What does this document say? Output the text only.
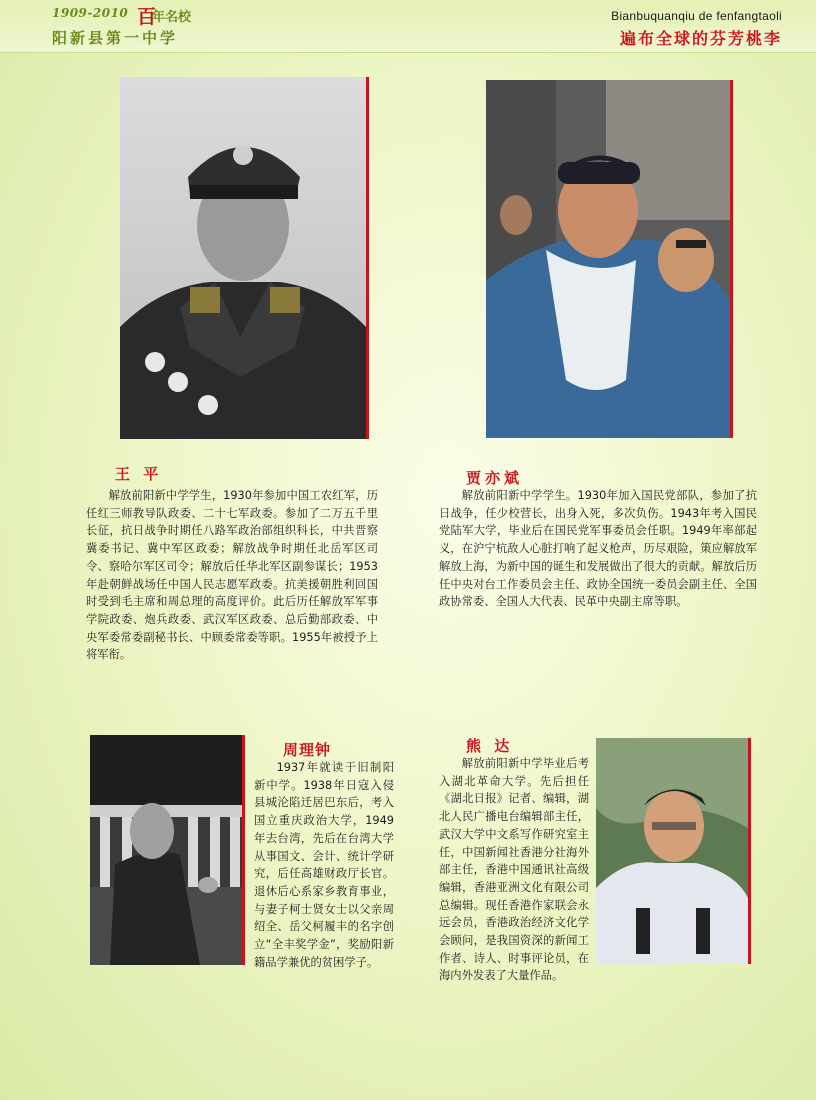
1909-2010 百
年名校
阳新县第一中学
Bianbuquanqiu de fenfangtaoli
遍布全球的芬芳桃李
王 平

解放前阳新中学学生，1930年参加中国工农红军，历任红三师教导队政委、二十七军政委。参加了二万五千里长征，抗日战争时期任八路军政治部组织科长，中共晋察冀委书记、冀中军区政委；解放战争时期任北岳军区司令、察哈尔军区司令；解放后任华北军区副参谋长；1953年赴朝鲜战场任中国人民志愿军政委。抗美援朝胜利回国时受到毛主席和周总理的高度评价。此后历任解放军军事学院政委、炮兵政委、武汉军区政委、总后勤部政委、中央军委常委副秘书长、中顾委常委等职。1955年被授予上将军衔。

贾亦斌

解放前阳新中学学生。1930年加入国民党部队，参加了抗日战争，任少校营长，出身入死，多次负伤。1943年考入国民党陆军大学，毕业后在国民党军事委员会任职。1949年率部起义，在沪宁杭敌人心脏打响了起义枪声，历尽艰险，策应解放军解放上海，为新中国的诞生和发展做出了很大的贡献。解放后历任中央对台工作委员会主任、政协全国统一委员会副主任、全国政协常委、全国人大代表、民革中央副主席等职。

周理钟

1937年就读于旧制阳新中学。1938年日寇入侵县城沦陷迁居巴东后，考入国立重庆政治大学，1949年去台湾，先后在台湾大学从事国文、会计、统计学研究，后任高雄财政厅长官。退休后心系家乡教育事业，与妻子柯士贤女士以父亲周绍全、岳父柯履丰的名字创立“全丰奖学金”，奖励阳新籍品学兼优的贫困学子。

熊 达

解放前阳新中学毕业后考入湖北革命大学。先后担任《湖北日报》记者、编辑，湖北人民广播电台编辑部主任，武汉大学中文系写作研究室主任，中国新闻社香港分社海外部主任，香港中国通讯社高级编辑，香港亚洲文化有限公司总编辑。现任香港作家联会永远会员，香港政治经济文化学会顾问，是我国资深的新闻工作者、诗人、时事评论员，在海内外发表了大量作品。
